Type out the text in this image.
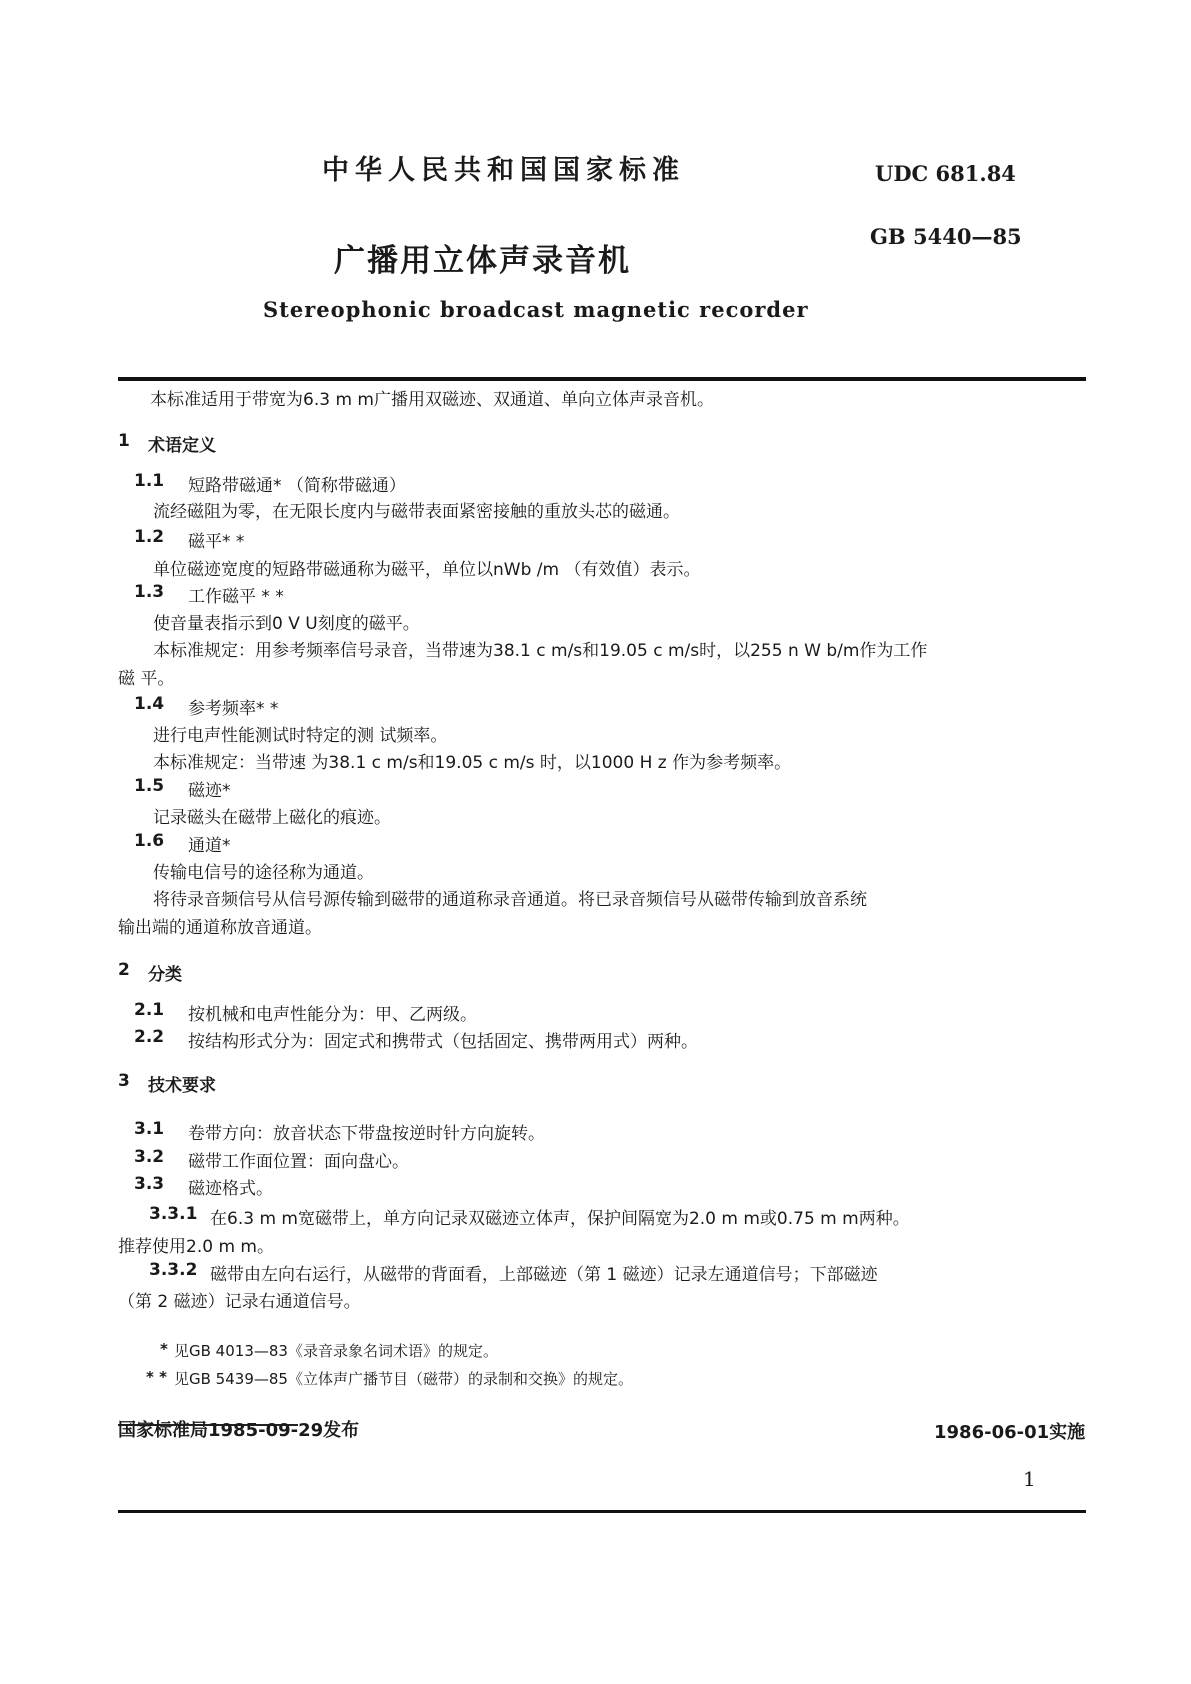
中华人民共和国国家标准	UDC 681.84
GB 5440—85
广播用立体声录音机
Stereophonic broadcast magnetic recorder
本标准适用于带宽为6.3 m m广播用双磁迹、双通道、单向立体声录音机。
1 术语定义
1.1 短路带磁通* （简称带磁通）
流经磁阻为零，在无限长度内与磁带表面紧密接触的重放头芯的磁通。
1.2 磁平* *
单位磁迹宽度的短路带磁通称为磁平，单位以nWb /m （有效值）表示。
1.3 工作磁平 * *
使音量表指示到0 V U刻度的磁平。
本标准规定：用参考频率信号录音，当带速为38.1 c m/s和19.05 c m/s时，以255 n W b/m作为工作
磁 平。
1.4 参考频率* *
进行电声性能测试时特定的测 试频率。
本标准规定：当带速 为38.1 c m/s和19.05 c m/s 时，以1000 H z 作为参考频率。
1.5 磁迹*
记录磁头在磁带上磁化的痕迹。
1.6 通道*
传输电信号的途径称为通道。
将待录音频信号从信号源传输到磁带的通道称录音通道。将已录音频信号从磁带传输到放音系统
输出端的通道称放音通道。
2 分类
2.1 按机械和电声性能分为：甲、乙两级。
2.2 按结构形式分为：固定式和携带式（包括固定、携带两用式）两种。
3 技术要求
3.1 卷带方向：放音状态下带盘按逆时针方向旋转。
3.2 磁带工作面位置：面向盘心。
3.3 磁迹格式。
3.3.1 在6.3 m m宽磁带上，单方向记录双磁迹立体声，保护间隔宽为2.0 m m或0.75 m m两种。
推荐使用2.0 m m。
3.3.2 磁带由左向右运行，从磁带的背面看，上部磁迹（第 1 磁迹）记录左通道信号；下部磁迹
（第 2 磁迹）记录右通道信号。
* 见GB 4013—83《录音录象名词术语》的规定。
* * 见GB 5439—85《立体声广播节目（磁带）的录制和交换》的规定。
国家标准局1985-09-29发布	1986-06-01实施
1
